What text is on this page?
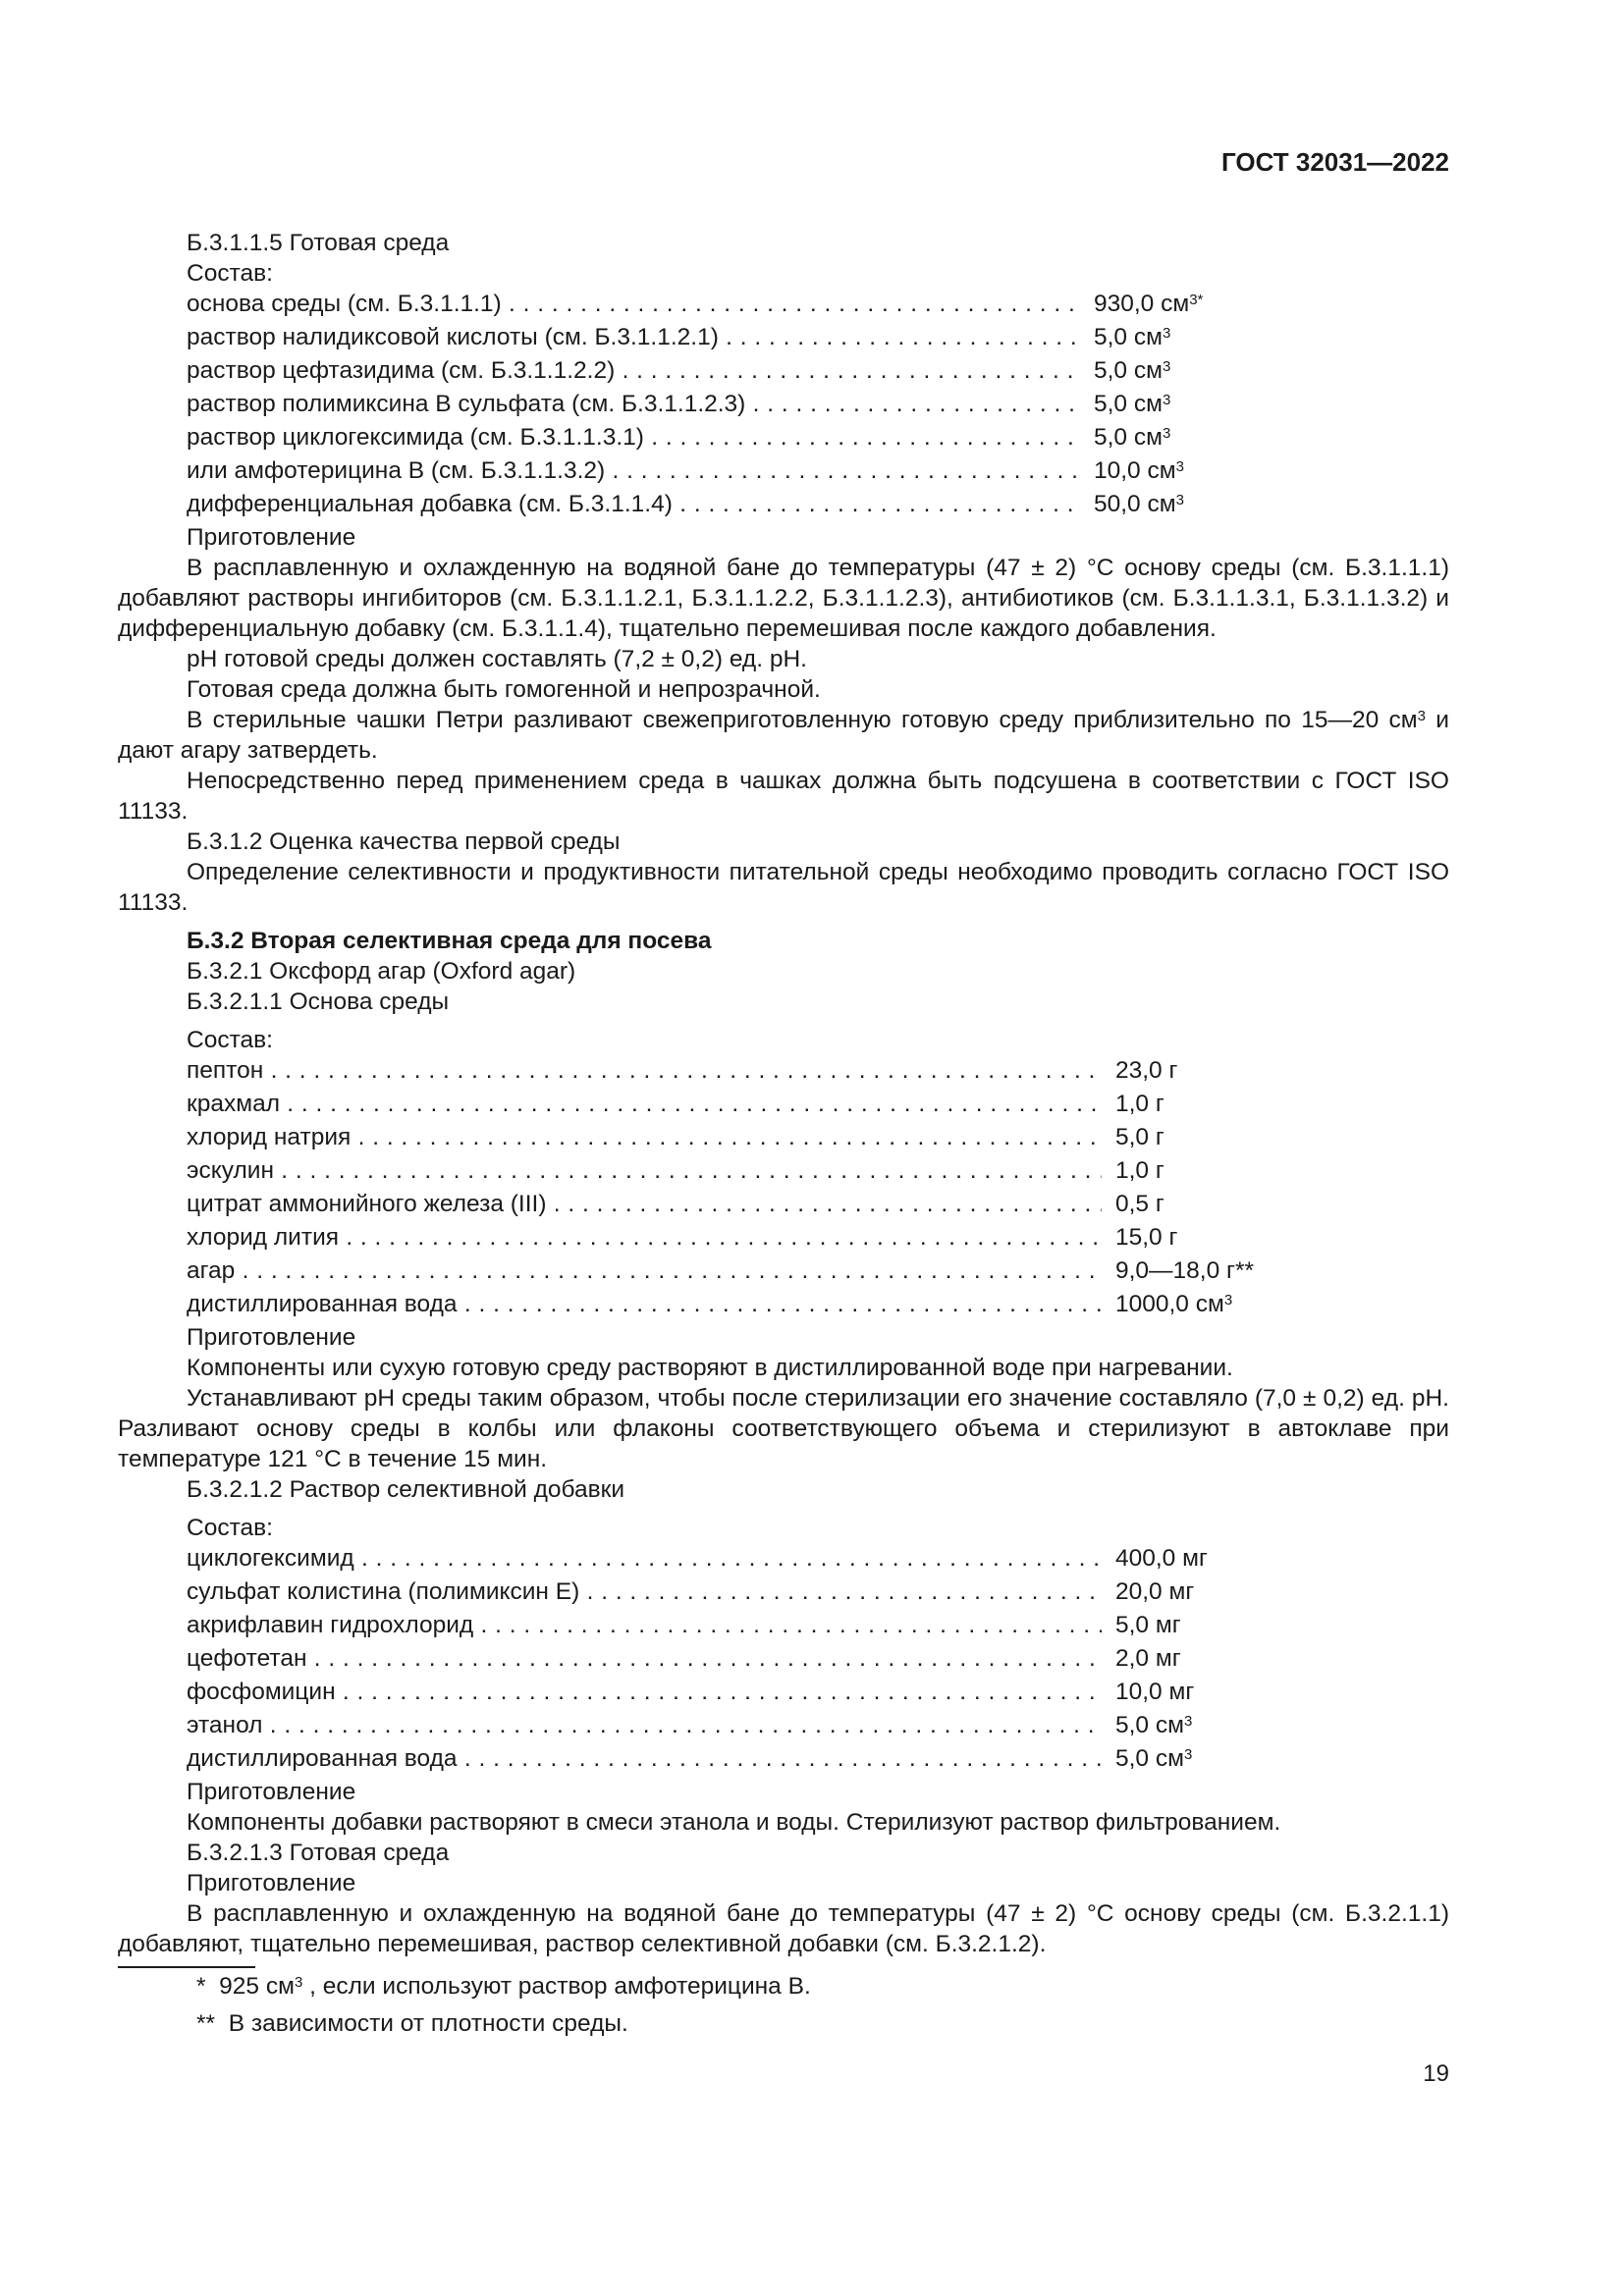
ГОСТ 32031—2022

Б.3.1.1.5 Готовая среда

Состав:

основа среды (см. Б.3.1.1.1) . . .	930,0 $см^{3*}$
раствор налидиксовой кислоты (см. Б.3.1.1.2.1) . . .	5,0 $см^3$
раствор цефтазидима (см. Б.3.1.1.2.2) . . .	5,0 $см^3$
раствор полимиксина В сульфата (см. Б.3.1.1.2.3) . . .	5,0 $см^3$
раствор циклогексимида (см. Б.3.1.1.3.1) . . .	5,0 $см^3$
или амфотерицина В (см. Б.3.1.1.3.2) . . .	10,0 $см^3$
дифференциальная добавка (см. Б.3.1.1.4) . . .	50,0 $см^3$

Приготовление

В расплавленную и охлажденную на водяной бане до температуры (47 ± 2) °С основу среды (см. Б.3.1.1.1) добавляют растворы ингибиторов (см. Б.3.1.1.2.1, Б.3.1.1.2.2, Б.3.1.1.2.3), антибиотиков (см. Б.3.1.1.3.1, Б.3.1.1.3.2) и дифференциальную добавку (см. Б.3.1.1.4), тщательно перемешивая после каждого добавления.

pH готовой среды должен составлять (7,2 ± 0,2) ед. pH.

Готовая среда должна быть гомогенной и непрозрачной.

В стерильные чашки Петри разливают свежеприготовленную готовую среду приблизительно по 15—20 $см^3$ и дают агару затвердеть.

Непосредственно перед применением среда в чашках должна быть подсушена в соответствии с ГОСТ ISO 11133.

Б.3.1.2 Оценка качества первой среды

Определение селективности и продуктивности питательной среды необходимо проводить согласно ГОСТ ISO 11133.

Б.3.2 Вторая селективная среда для посева

Б.3.2.1 Оксфорд агар (Oxford agar)

Б.3.2.1.1 Основа среды

Состав:

пептон . . .	23,0 г
крахмал . . .	1,0 г
хлорид натрия . . .	5,0 г
эскулин . . .	1,0 г
цитрат аммонийного железа (III) . . .	0,5 г
хлорид лития . . .	15,0 г
агар . . .	9,0—18,0 г**
дистиллированная вода . . .	1000,0 $см^3$

Приготовление

Компоненты или сухую готовую среду растворяют в дистиллированной воде при нагревании.

Устанавливают pH среды таким образом, чтобы после стерилизации его значение составляло (7,0 ± 0,2) ед. pH. Разливают основу среды в колбы или флаконы соответствующего объема и стерилизуют в автоклаве при температуре 121 °С в течение 15 мин.

Б.3.2.1.2 Раствор селективной добавки

Состав:

циклогексимид . . .	400,0 мг
сульфат колистина (полимиксин Е) . . .	20,0 мг
акрифлавин гидрохлорид . . .	5,0 мг
цефотетан . . .	2,0 мг
фосфомицин . . .	10,0 мг
этанол . . .	5,0 $см^3$
дистиллированная вода . . .	5,0 $см^3$

Приготовление

Компоненты добавки растворяют в смеси этанола и воды. Стерилизуют раствор фильтрованием.

Б.3.2.1.3 Готовая среда

Приготовление

В расплавленную и охлажденную на водяной бане до температуры (47 ± 2) °С основу среды (см. Б.3.2.1.1) добавляют, тщательно перемешивая, раствор селективной добавки (см. Б.3.2.1.2).

* 925 $см^3$ , если используют раствор амфотерицина В.
** В зависимости от плотности среды.
19
